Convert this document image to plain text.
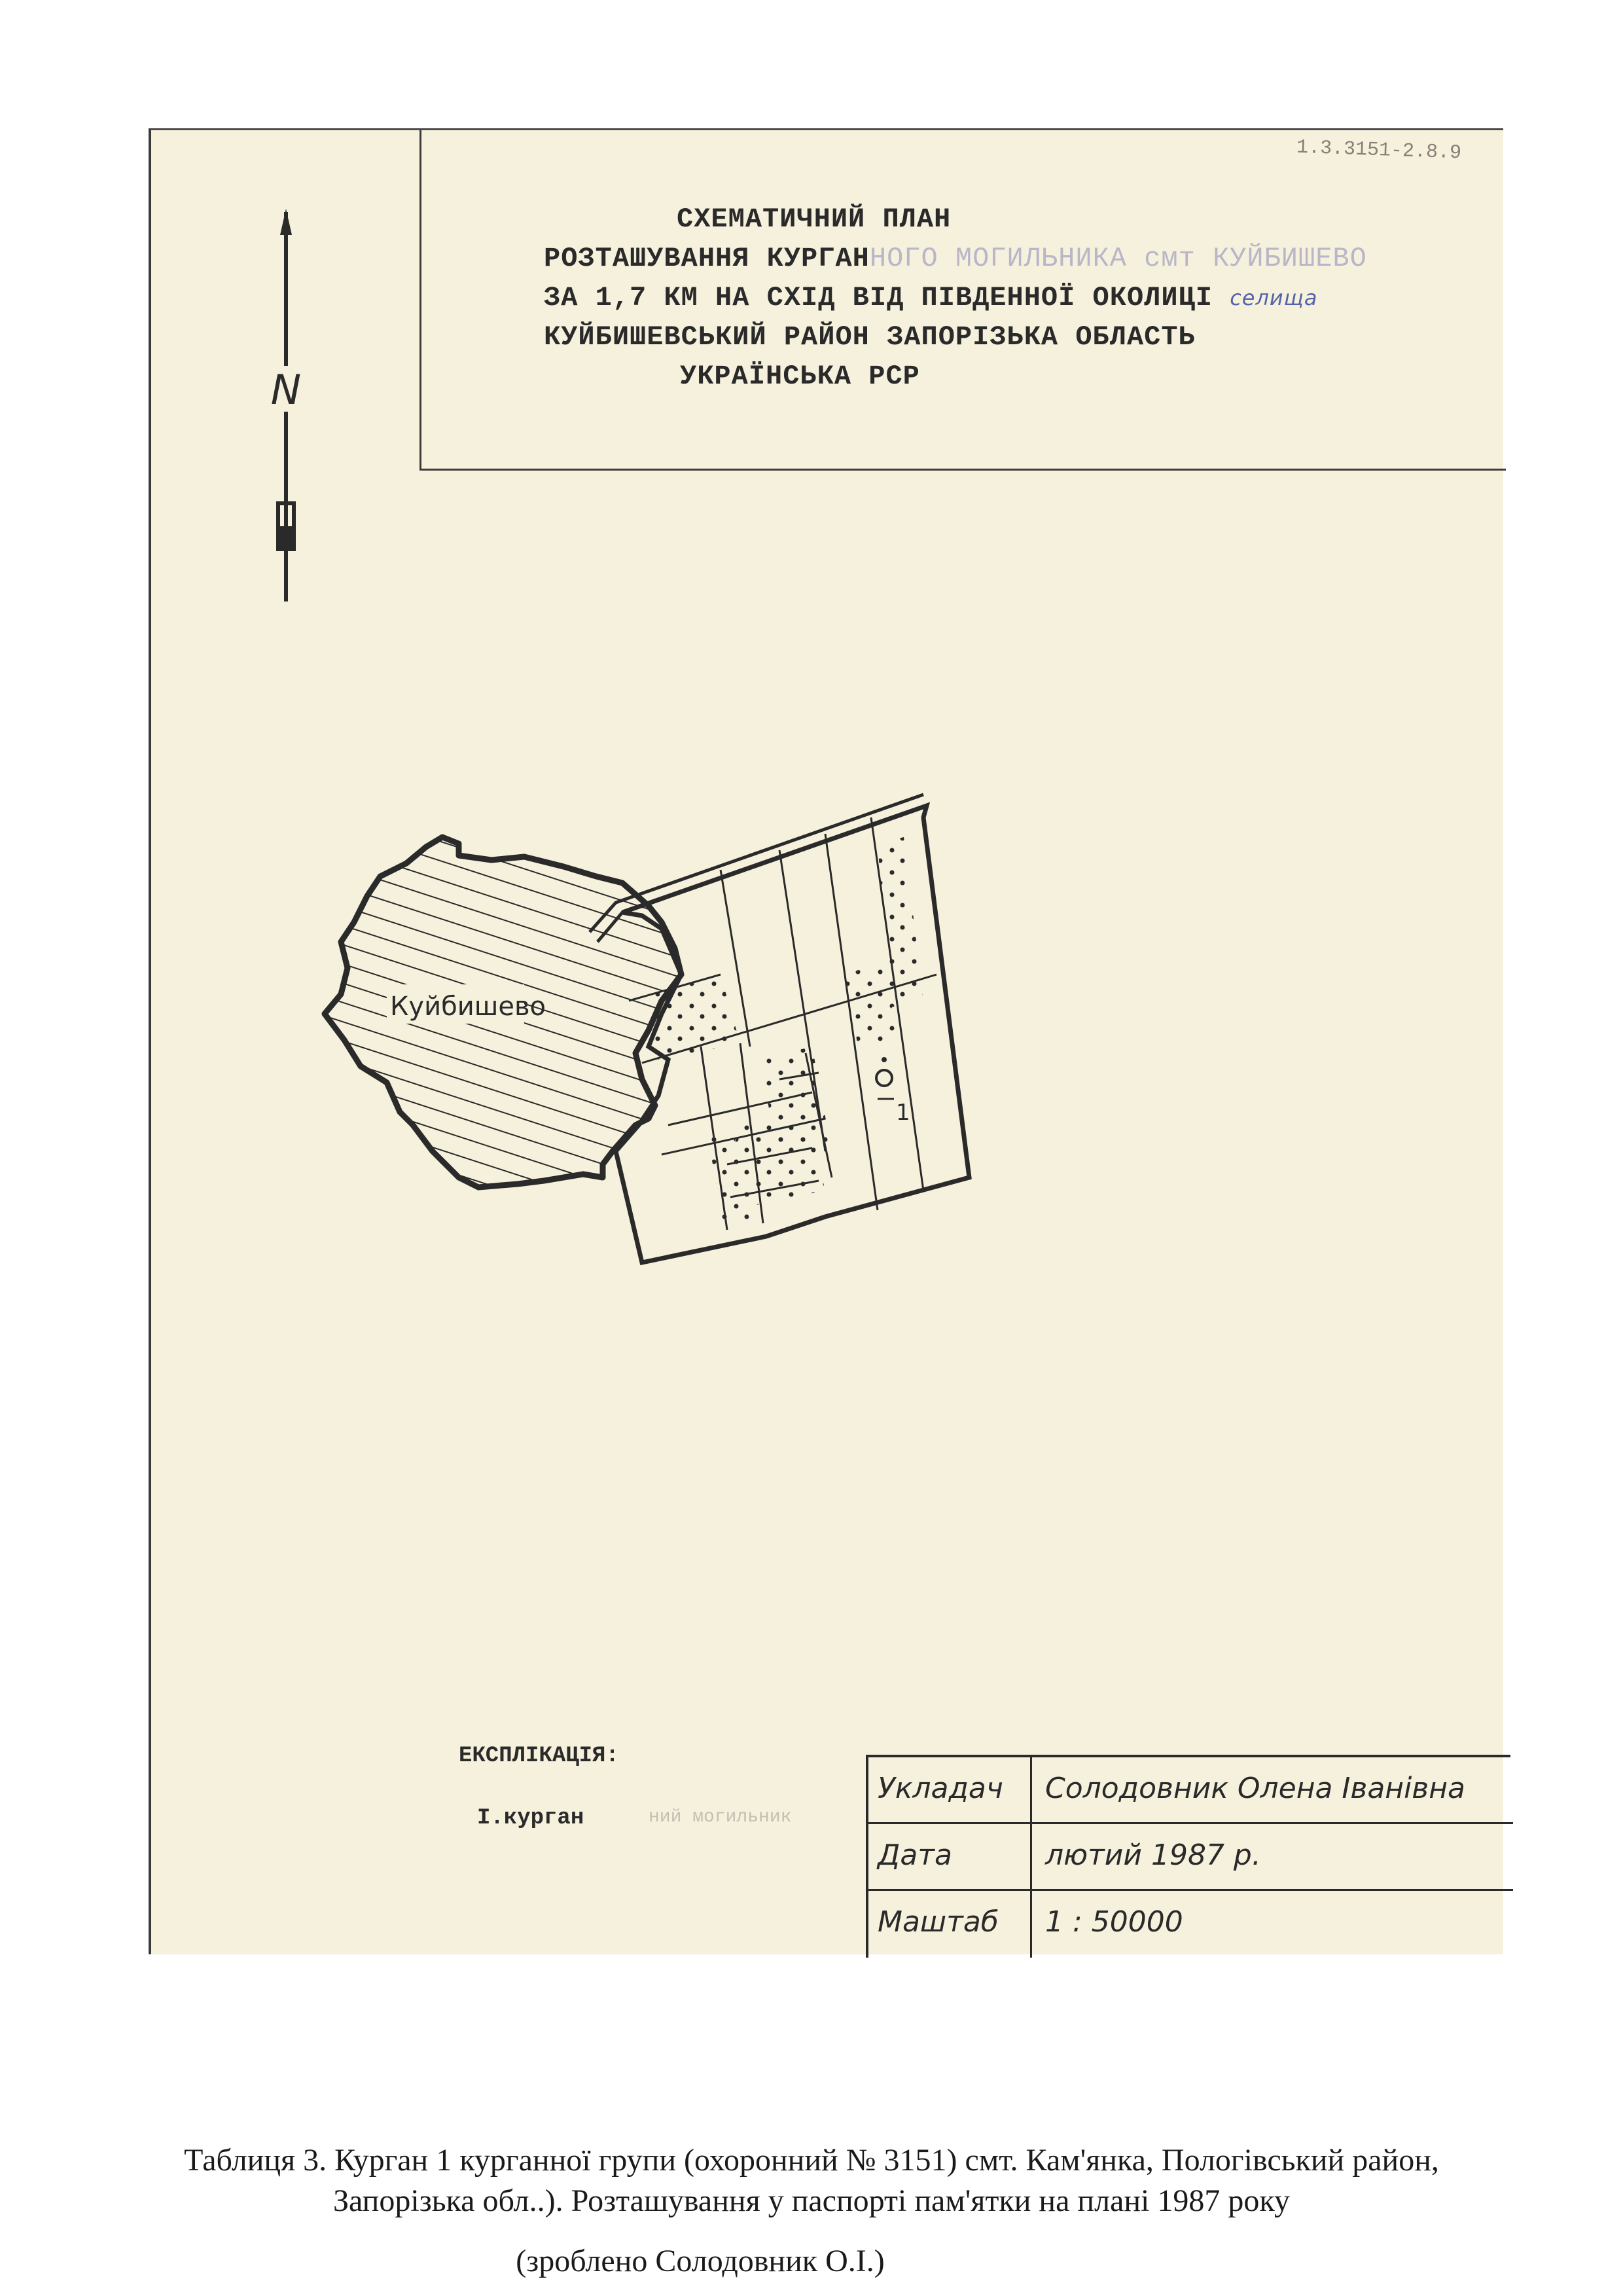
1.3.3151-2.8.9
СХЕМАТИЧНИЙ ПЛАН
РОЗТАШУВАННЯ КУРГАННОГО МОГИЛЬНИКА смт КУЙБИШЕВО
ЗА 1,7 КМ НА СХІД ВІД ПІВДЕННОЇ ОКОЛИЦІ селища
КУЙБИШЕВСЬКИЙ РАЙОН ЗАПОРІЗЬКА ОБЛАСТЬ
УКРАЇНСЬКА РСР
N
Куйбишево
1
ЕКСПЛІКАЦІЯ:
І.курган	ний могильник
Укладач	Солодовник Олена Іванівна
Дата	лютий 1987 р.
Маштаб	1 : 50000
Таблиця 3. Курган 1 курганної групи (охоронний № 3151) смт. Кам'янка, Пологівський район,
Запорізька обл..). Розташування у паспорті пам'ятки на плані 1987 року
(зроблено Солодовник О.І.)
